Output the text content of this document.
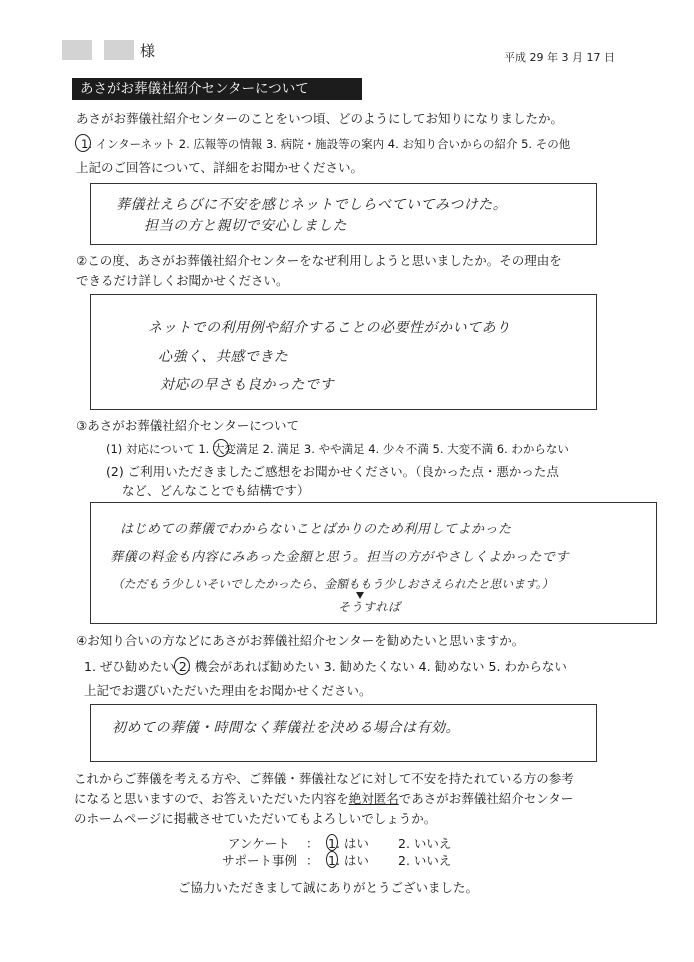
様	平成 29 年 3 月 17 日
あさがお葬儀社紹介センターについて
あさがお葬儀社紹介センターのことをいつ頃、どのようにしてお知りになりましたか。
1. インターネット 2. 広報等の情報 3. 病院・施設等の案内 4. お知り合いからの紹介 5. その他
上記のご回答について、詳細をお聞かせください。
葬儀社えらびに不安を感じネットでしらべていてみつけた。
担当の方と親切で安心しました
②この度、あさがお葬儀社紹介センターをなぜ利用しようと思いましたか。その理由を
できるだけ詳しくお聞かせください。
ネットでの利用例や紹介することの必要性がかいてあり
心強く、共感できた
対応の早さも良かったです
③あさがお葬儀社紹介センターについて
(1) 対応について 1. 大変満足 2. 満足 3. やや満足 4. 少々不満 5. 大変不満 6. わからない
(2) ご利用いただきましたご感想をお聞かせください。（良かった点・悪かった点
など、どんなことでも結構です）
はじめての葬儀でわからないことばかりのため利用してよかった
葬儀の料金も内容にみあった金額と思う。担当の方がやさしくよかったです
（ただもう少しいそいでしたかったら、金額ももう少しおさえられたと思います。）
そうすれば
④お知り合いの方などにあさがお葬儀社紹介センターを勧めたいと思いますか。
1. ぜひ勧めたい 2. 機会があれば勧めたい 3. 勧めたくない 4. 勧めない 5. わからない
上記でお選びいただいた理由をお聞かせください。
初めての葬儀・時間なく葬儀社を決める場合は有効。
これからご葬儀を考える方や、ご葬儀・葬儀社などに対して不安を持たれている方の参考
になると思いますので、お答えいただいた内容を絶対匿名であさがお葬儀社紹介センター
のホームページに掲載させていただいてもよろしいでしょうか。
アンケート ： 1. はい 2. いいえ
サポート事例 ： 1. はい 2. いいえ
ご協力いただきまして誠にありがとうございました。
